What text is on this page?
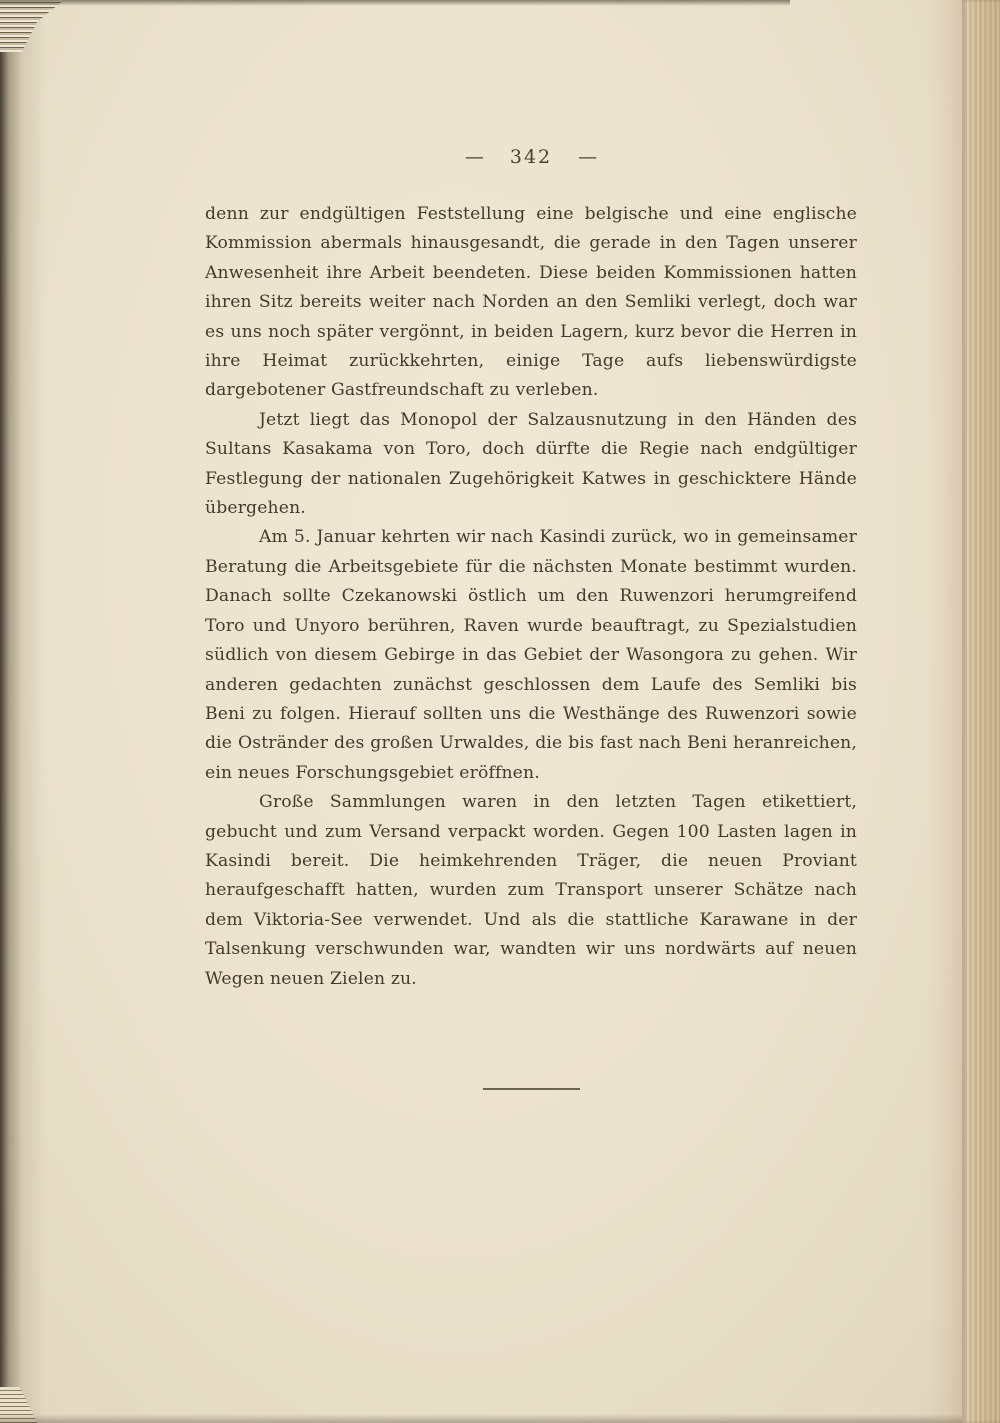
— 342 —

denn zur endgültigen Feststellung eine belgische und eine englische Kommission abermals hinausgesandt, die gerade in den Tagen unserer Anwesenheit ihre Arbeit beendeten. Diese beiden Kommissionen hatten ihren Sitz bereits weiter nach Norden an den Semliki verlegt, doch war es uns noch später vergönnt, in beiden Lagern, kurz bevor die Herren in ihre Heimat zurückkehrten, einige Tage aufs liebenswürdigste dargebotener Gastfreundschaft zu verleben.

Jetzt liegt das Monopol der Salzausnutzung in den Händen des Sultans Kasakama von Toro, doch dürfte die Regie nach endgültiger Festlegung der nationalen Zugehörigkeit Katwes in geschicktere Hände übergehen.

Am 5. Januar kehrten wir nach Kasindi zurück, wo in gemeinsamer Beratung die Arbeitsgebiete für die nächsten Monate bestimmt wurden. Danach sollte Czekanowski östlich um den Ruwenzori herumgreifend Toro und Unyoro berühren, Raven wurde beauftragt, zu Spezialstudien südlich von diesem Gebirge in das Gebiet der Wasongora zu gehen. Wir anderen gedachten zunächst geschlossen dem Laufe des Semliki bis Beni zu folgen. Hierauf sollten uns die Westhänge des Ruwenzori sowie die Ostränder des großen Urwaldes, die bis fast nach Beni heranreichen, ein neues Forschungsgebiet eröffnen.

Große Sammlungen waren in den letzten Tagen etikettiert, gebucht und zum Versand verpackt worden. Gegen 100 Lasten lagen in Kasindi bereit. Die heimkehrenden Träger, die neuen Proviant heraufgeschafft hatten, wurden zum Transport unserer Schätze nach dem Viktoria-See verwendet. Und als die stattliche Karawane in der Talsenkung verschwunden war, wandten wir uns nordwärts auf neuen Wegen neuen Zielen zu.
